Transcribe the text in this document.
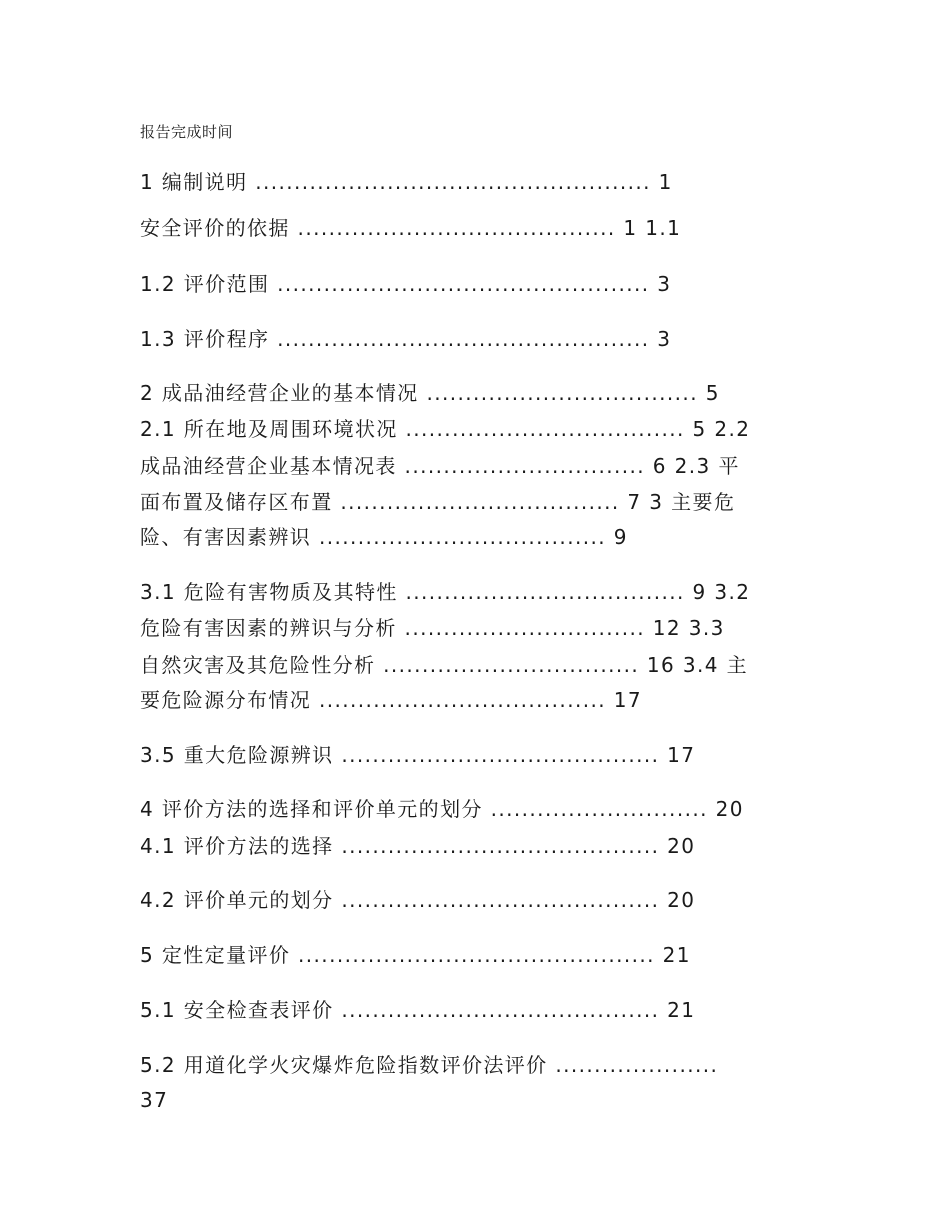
报告完成时间
1 编制说明 ................................................... 1
安全评价的依据 ......................................... 1 1.1
1.2 评价范围 ................................................ 3
1.3 评价程序 ................................................ 3
2 成品油经营企业的基本情况 ................................... 5
2.1 所在地及周围环境状况 .................................... 5 2.2
成品油经营企业基本情况表 ............................... 6 2.3 平
面布置及储存区布置 .................................... 7 3 主要危
险、有害因素辨识 ..................................... 9
3.1 危险有害物质及其特性 .................................... 9 3.2
危险有害因素的辨识与分析 ............................... 12 3.3
自然灾害及其危险性分析 ................................. 16 3.4 主
要危险源分布情况 ..................................... 17
3.5 重大危险源辨识 ......................................... 17
4 评价方法的选择和评价单元的划分 ............................ 20
4.1 评价方法的选择 ......................................... 20
4.2 评价单元的划分 ......................................... 20
5 定性定量评价 .............................................. 21
5.1 安全检查表评价 ......................................... 21
5.2 用道化学火灾爆炸危险指数评价法评价 .....................
37
